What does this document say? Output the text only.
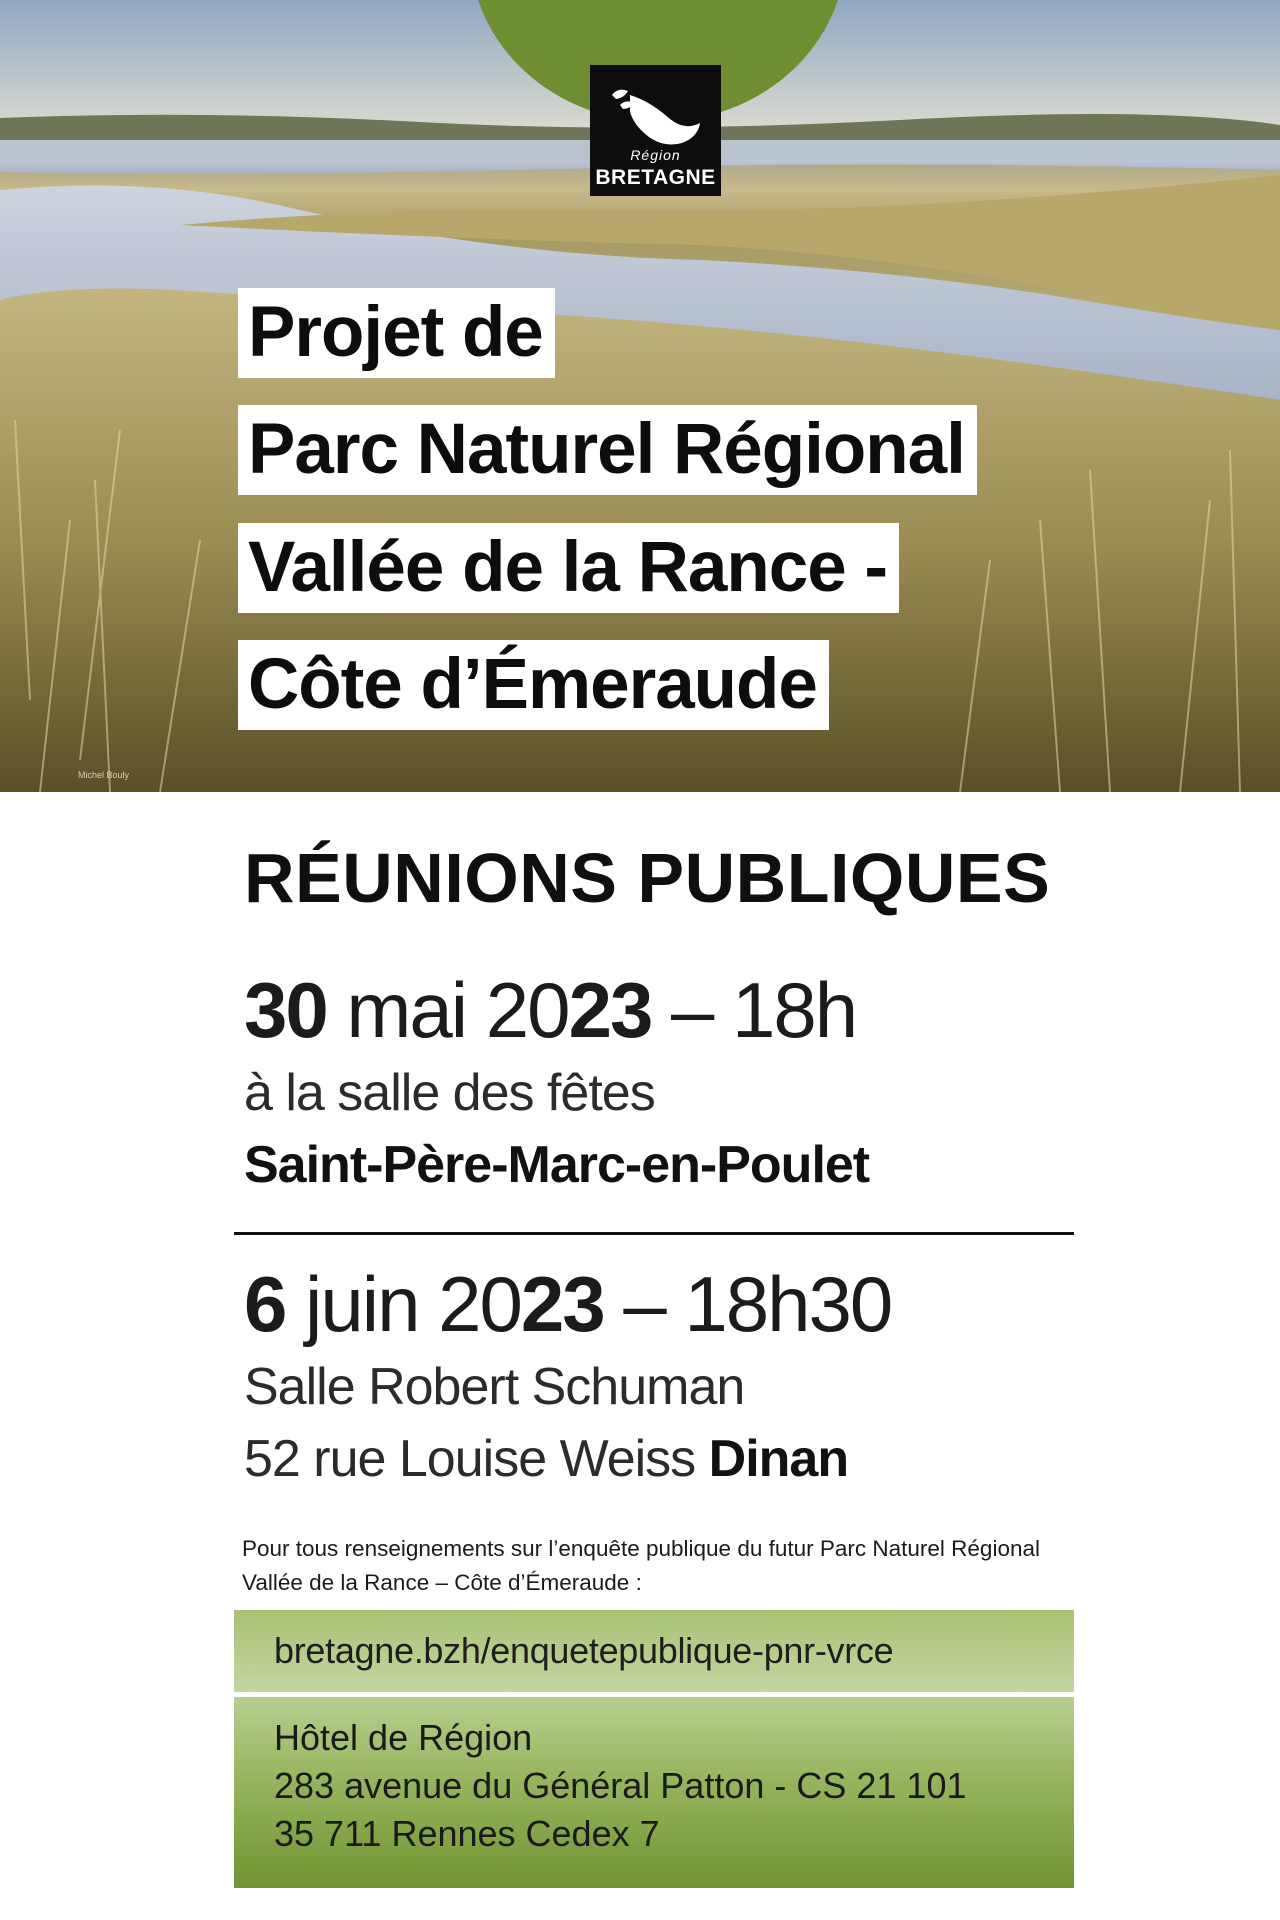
Michel Bouly
Région
BRETAGNE
Projet de
Parc Naturel Régional
Vallée de la Rance -
Côte d’Émeraude
RÉUNIONS PUBLIQUES
30 mai 2023 – 18h
à la salle des fêtes
Saint-Père-Marc-en-Poulet
6 juin 2023 – 18h30
Salle Robert Schuman
52 rue Louise Weiss Dinan
Pour tous renseignements sur l’enquête publique du futur Parc Naturel Régional Vallée de la Rance – Côte d’Émeraude :
bretagne.bzh/enquetepublique-pnr-vrce
Hôtel de Région
283 avenue du Général Patton - CS 21 101
35 711 Rennes Cedex 7
